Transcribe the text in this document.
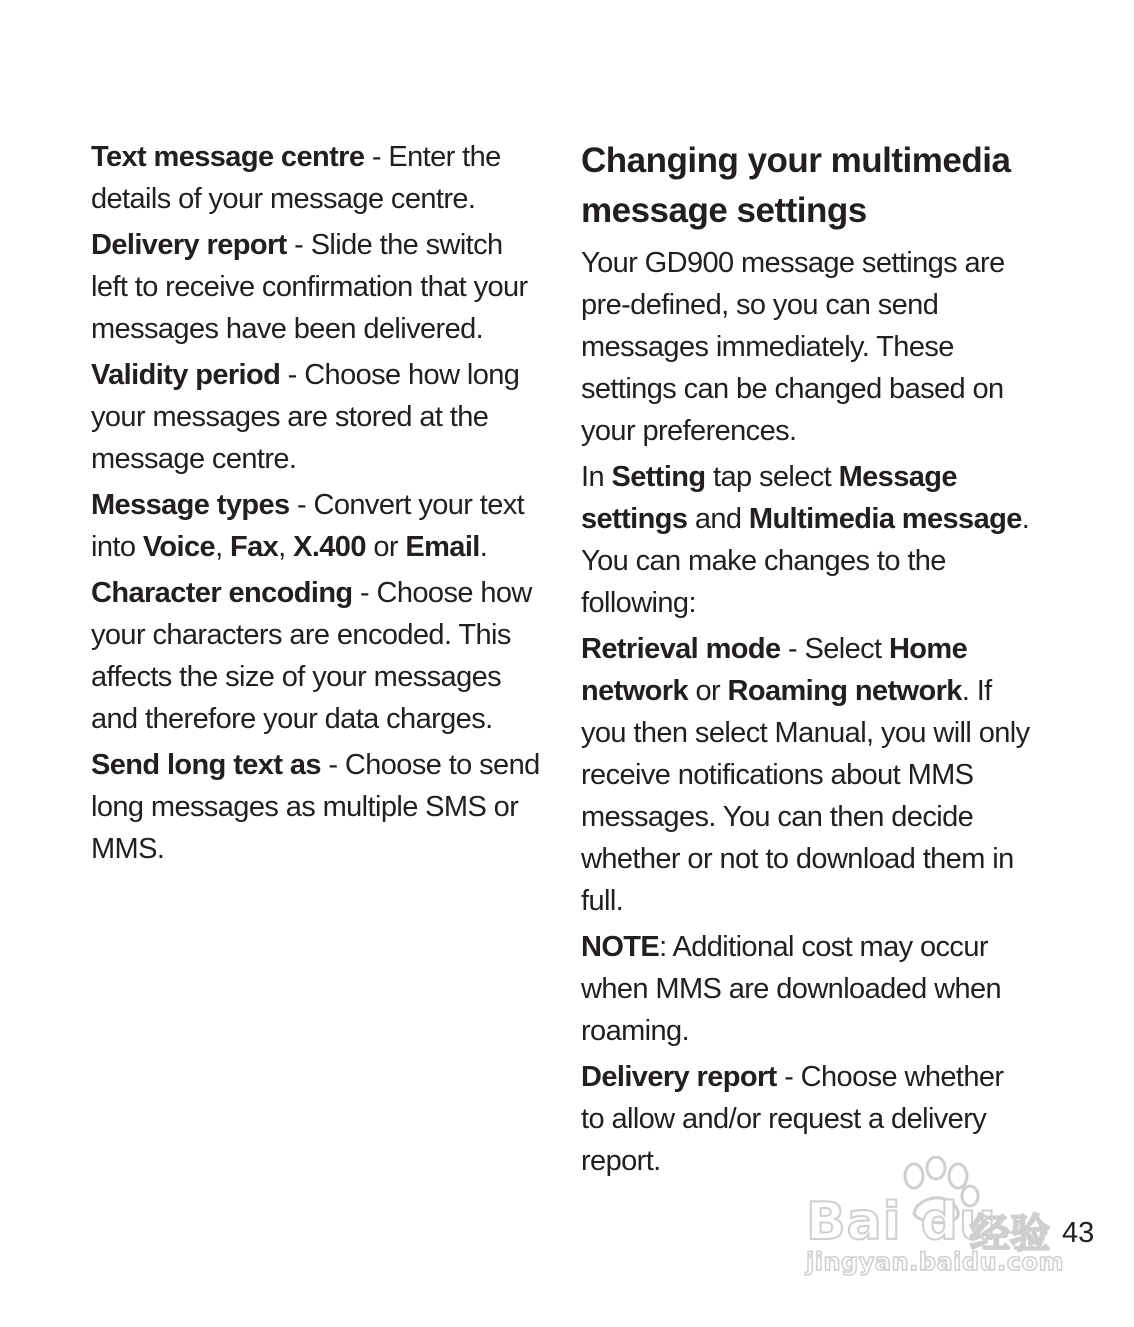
Text message centre - Enter the details of your message centre.

Delivery report - Slide the switch left to receive confirmation that your messages have been delivered.

Validity period - Choose how long your messages are stored at the message centre.

Message types - Convert your text into Voice, Fax, X.400 or Email.

Character encoding - Choose how your characters are encoded. This affects the size of your messages and therefore your data charges.

Send long text as - Choose to send long messages as multiple SMS or MMS.

Changing your multimedia message settings

Your GD900 message settings are pre-defined, so you can send messages immediately. These settings can be changed based on your preferences.

In Setting tap select Message settings and Multimedia message. You can make changes to the following:

Retrieval mode - Select Home network or Roaming network. If you then select Manual, you will only receive notifications about MMS messages. You can then decide whether or not to download them in full.

NOTE: Additional cost may occur when MMS are downloaded when roaming.

Delivery report - Choose whether to allow and/or request a delivery report.

43
Bai du
经验
jingyan.baidu.com
